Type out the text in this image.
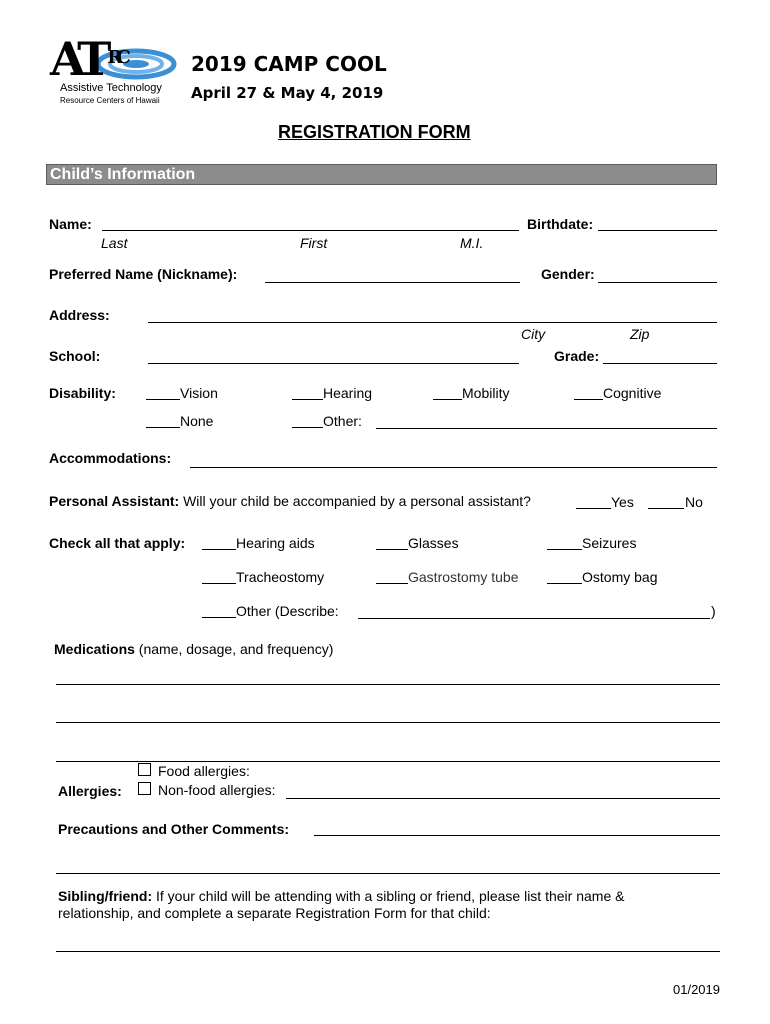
AT $^{RC}$
Assistive Technology
Resource Centers of Hawaii
2019 CAMP COOL
April 27 & May 4, 2019
REGISTRATION FORM
Child’s Information
Name:
Last	First	M.I.
Birthdate:
Preferred Name (Nickname):	Gender:
Address:
City	Zip
School:	Grade:
Disability:	Vision	Hearing	Mobility	Cognitive
None	Other:
Accommodations:
Personal Assistant: Will your child be accompanied by a personal assistant?	Yes	No
Check all that apply:	Hearing aids	Glasses	Seizures
Tracheostomy	Gastrostomy tube	Ostomy bag
Other (Describe:	)
Medications (name, dosage, and frequency)
Food allergies:
Allergies:	Non-food allergies:
Precautions and Other Comments:
Sibling/friend: If your child will be attending with a sibling or friend, please list their name &
relationship, and complete a separate Registration Form for that child:
01/2019
